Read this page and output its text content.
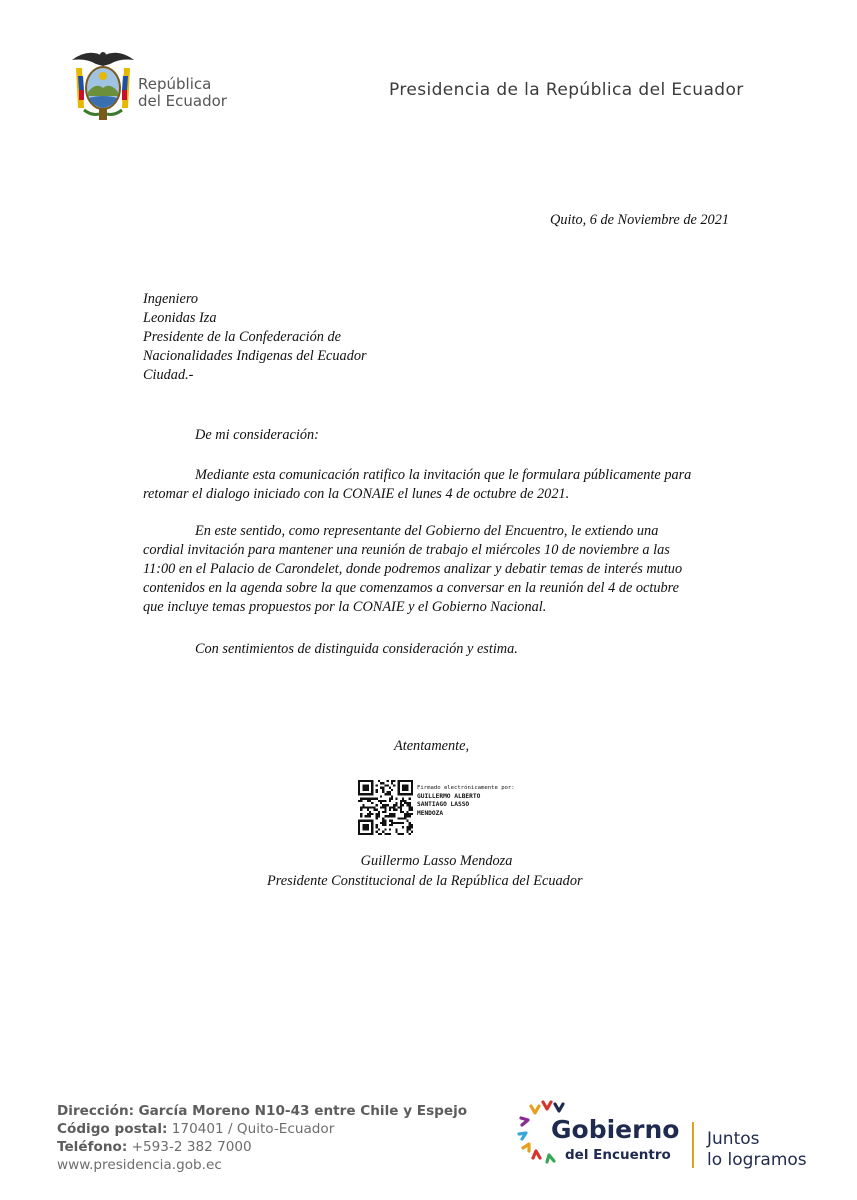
República
del Ecuador
Presidencia de la República del Ecuador
Quito, 6 de Noviembre de 2021
Ingeniero
Leonidas Iza
Presidente de la Confederación de
Nacionalidades Indigenas del Ecuador
Ciudad.-
De mi consideración:
Mediante esta comunicación ratifico la invitación que le formulara públicamente para
retomar el dialogo iniciado con la CONAIE el lunes 4 de octubre de 2021.
En este sentido, como representante del Gobierno del Encuentro, le extiendo una
cordial invitación para mantener una reunión de trabajo el miércoles 10 de noviembre a las
11:00 en el Palacio de Carondelet, donde podremos analizar y debatir temas de interés mutuo
contenidos en la agenda sobre la que comenzamos a conversar en la reunión del 4 de octubre
que incluye temas propuestos por la CONAIE y el Gobierno Nacional.
Con sentimientos de distinguida consideración y estima.
Atentamente,
Firmado electrónicamente por:
GUILLERMO ALBERTO
SANTIAGO LASSO
MENDOZA
Guillermo Lasso Mendoza
Presidente Constitucional de la República del Ecuador
Dirección: García Moreno N10-43 entre Chile y Espejo
Código postal: 170401 / Quito-Ecuador
Teléfono: +593-2 382 7000
www.presidencia.gob.ec
Gobierno
del Encuentro
Juntos
lo logramos
